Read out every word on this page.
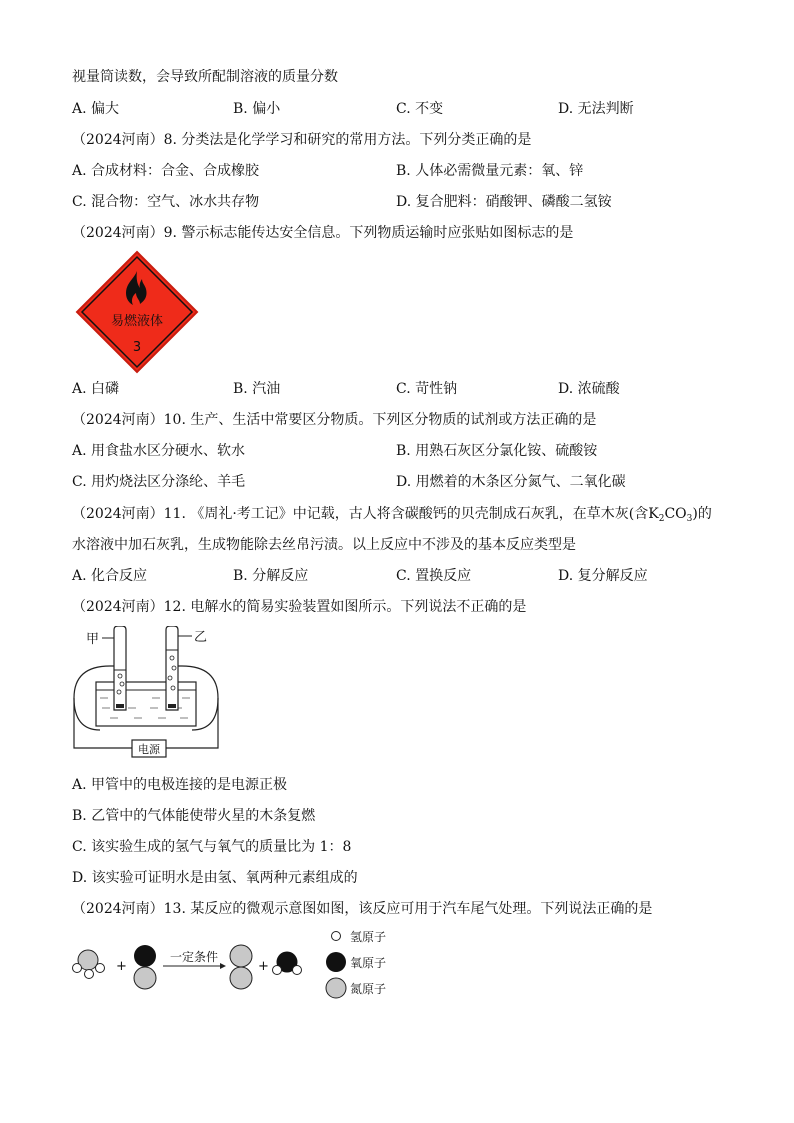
视量筒读数，会导致所配制溶液的质量分数
A. 偏大	B. 偏小	C. 不变	D. 无法判断
（2024河南）8. 分类法是化学学习和研究的常用方法。下列分类正确的是
A. 合成材料：合金、合成橡胶	B. 人体必需微量元素：氧、锌
C. 混合物：空气、冰水共存物	D. 复合肥料：硝酸钾、磷酸二氢铵
（2024河南）9. 警示标志能传达安全信息。下列物质运输时应张贴如图标志的是
易燃液体
3
A. 白磷	B. 汽油	C. 苛性钠	D. 浓硫酸
（2024河南）10. 生产、生活中常要区分物质。下列区分物质的试剂或方法正确的是
A. 用食盐水区分硬水、软水	B. 用熟石灰区分氯化铵、硫酸铵
C. 用灼烧法区分涤纶、羊毛	D. 用燃着的木条区分氮气、二氧化碳
（2024河南）11. 《周礼·考工记》中记载，古人将含碳酸钙的贝壳制成石灰乳，在草木灰(含$K_2CO_3$)的
水溶液中加石灰乳，生成物能除去丝帛污渍。以上反应中不涉及的基本反应类型是
A. 化合反应	B. 分解反应	C. 置换反应	D. 复分解反应
（2024河南）12. 电解水的简易实验装置如图所示。下列说法不正确的是
甲	乙
电源
A. 甲管中的电极连接的是电源正极
B. 乙管中的气体能使带火星的木条复燃
C. 该实验生成的氢气与氧气的质量比为 1：8
D. 该实验可证明水是由氢、氧两种元素组成的
（2024河南）13. 某反应的微观示意图如图，该反应可用于汽车尾气处理。下列说法正确的是
+
一定条件
+
氢原子
氧原子
氮原子
